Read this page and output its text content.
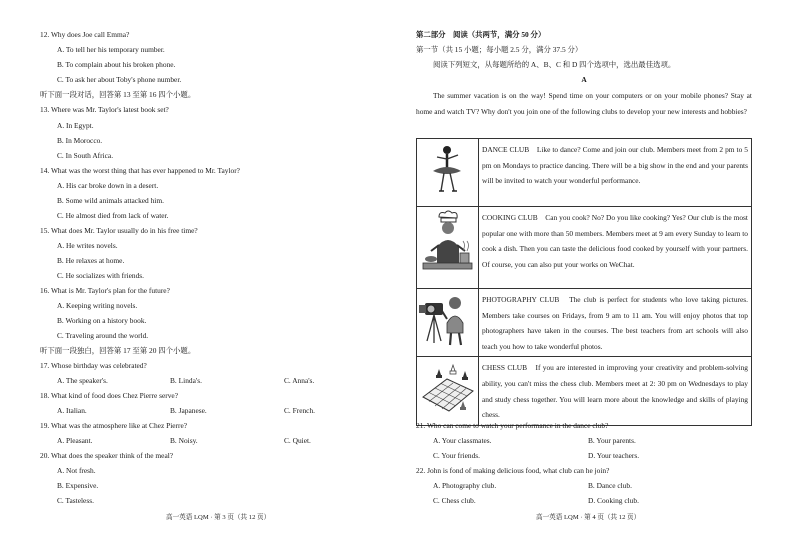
12. Why does Joe call Emma?
A. To tell her his temporary number.
B. To complain about his broken phone.
C. To ask her about Toby's phone number.
听下面一段对话，回答第 13 至第 16 四个小题。
13. Where was Mr. Taylor's latest book set?
A. In Egypt.
B. In Morocco.
C. In South Africa.
14. What was the worst thing that has ever happened to Mr. Taylor?
A. His car broke down in a desert.
B. Some wild animals attacked him.
C. He almost died from lack of water.
15. What does Mr. Taylor usually do in his free time?
A. He writes novels.
B. He relaxes at home.
C. He socializes with friends.
16. What is Mr. Taylor's plan for the future?
A. Keeping writing novels.
B. Working on a history book.
C. Traveling around the world.
听下面一段独白，回答第 17 至第 20 四个小题。
17. Whose birthday was celebrated?
A. The speaker's.	B. Linda's.	C. Anna's.
18. What kind of food does Chez Pierre serve?
A. Italian.	B. Japanese.	C. French.
19. What was the atmosphere like at Chez Pierre?
A. Pleasant.	B. Noisy.	C. Quiet.
20. What does the speaker think of the meal?
A. Not fresh.
B. Expensive.
C. Tasteless.
高一英语 LQM · 第 3 页（共 12 页）
第二部分　阅读（共两节，满分 50 分）
第一节（共 15 小题；每小题 2.5 分，满分 37.5 分）
阅读下列短文，从每题所给的 A、B、C 和 D 四个选项中，选出最佳选项。
A
The summer vacation is on the way! Spend time on your computers or on your mobile phones? Stay at home and watch TV? Why don't you join one of the following clubs to develop your new interests and hobbies?
	DANCE CLUB　Like to dance? Come and join our club. Members meet from 2 pm to 5 pm on Mondays to practice dancing. There will be a big show in the end and your parents will be invited to watch your wonderful performance.

	COOKING CLUB　Can you cook? No? Do you like cooking? Yes? Our club is the most popular one with more than 50 members. Members meet at 9 am every Sunday to learn to cook a dish. Then you can taste the delicious food cooked by yourself with your partners. Of course, you can also put your works on WeChat.

	PHOTOGRAPHY CLUB　The club is perfect for students who love taking pictures. Members take courses on Fridays, from 9 am to 11 am. You will enjoy photos that top photographers have taken in the courses. The best teachers from art schools will also teach you how to take wonderful photos.

	CHESS CLUB　If you are interested in improving your creativity and problem-solving ability, you can't miss the chess club. Members meet at 2: 30 pm on Wednesdays to play and study chess together. You will learn more about the knowledge and skills of playing chess.
21. Who can come to watch your performance in the dance club?
A. Your classmates.	B. Your parents.
C. Your friends.	D. Your teachers.
22. John is fond of making delicious food, what club can he join?
A. Photography club.	B. Dance club.
C. Chess club.	D. Cooking club.
高一英语 LQM · 第 4 页（共 12 页）
